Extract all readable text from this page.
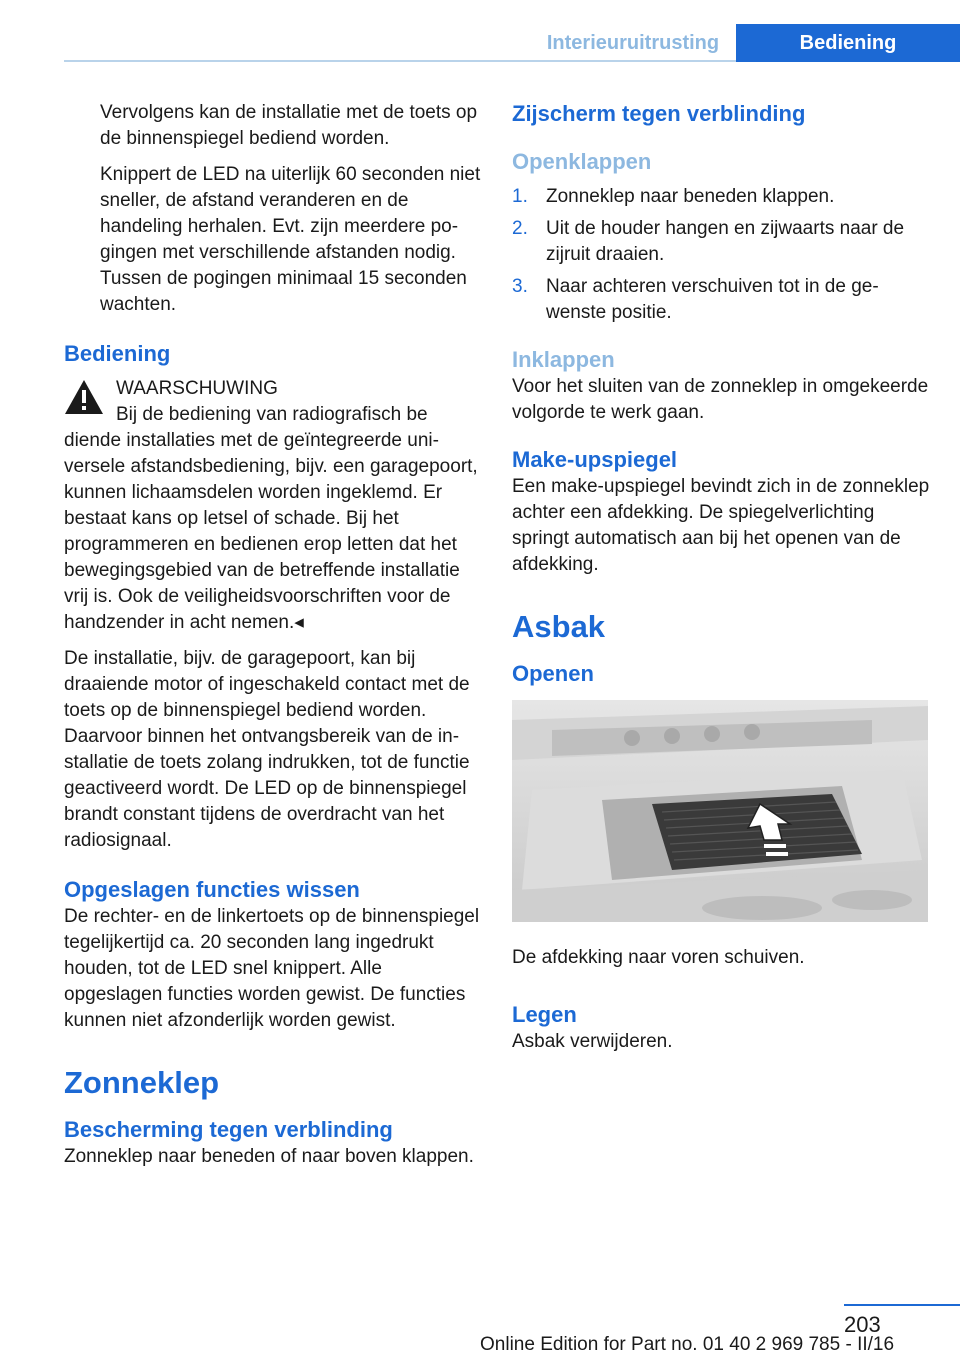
Interieuruitrusting	Bediening

Vervolgens kan de installatie met de toets op de binnenspiegel bediend worden.

Knippert de LED na uiterlijk 60 seconden niet sneller, de afstand veranderen en de handeling herhalen. Evt. zijn meerdere pogingen met verschillende afstanden nodig. Tussen de pogingen minimaal 15 seconden wachten.

Bediening

WAARSCHUWING

Bij de bediening van radiografisch be

diende installaties met de geïntegreerde universele afstandsbediening, bijv. een garagepoort, kunnen lichaamsdelen worden ingeklemd. Er bestaat kans op letsel of schade. Bij het programmeren en bedienen erop letten dat het bewegingsgebied van de betreffende installatie vrij is. Ook de veiligheidsvoorschriften voor de handzender in acht nemen.◂

De installatie, bijv. de garagepoort, kan bij draaiende motor of ingeschakeld contact met de toets op de binnenspiegel bediend worden. Daarvoor binnen het ontvangsbereik van de installatie de toets zolang indrukken, tot de functie geactiveerd wordt. De LED op de binnenspiegel brandt constant tijdens de overdracht van het radiosignaal.

Opgeslagen functies wissen

De rechter- en de linkertoets op de binnenspiegel tegelijkertijd ca. 20 seconden lang ingedrukt houden, tot de LED snel knippert. Alle opgeslagen functies worden gewist. De functies kunnen niet afzonderlijk worden gewist.

Zonneklep
Bescherming tegen verblinding

Zonneklep naar beneden of naar boven klappen.

Zijscherm tegen verblinding
Openklappen
1. Zonneklep naar beneden klappen.
2. Uit de houder hangen en zijwaarts naar de zijruit draaien.
3. Naar achteren verschuiven tot in de gewenste positie.
Inklappen

Voor het sluiten van de zonneklep in omgekeerde volgorde te werk gaan.

Make-upspiegel

Een make-upspiegel bevindt zich in de zonneklep achter een afdekking. De spiegelverlichting springt automatisch aan bij het openen van de afdekking.

Asbak
Openen

De afdekking naar voren schuiven.

Legen

Asbak verwijderen.

203
Online Edition for Part no. 01 40 2 969 785 - II/16
